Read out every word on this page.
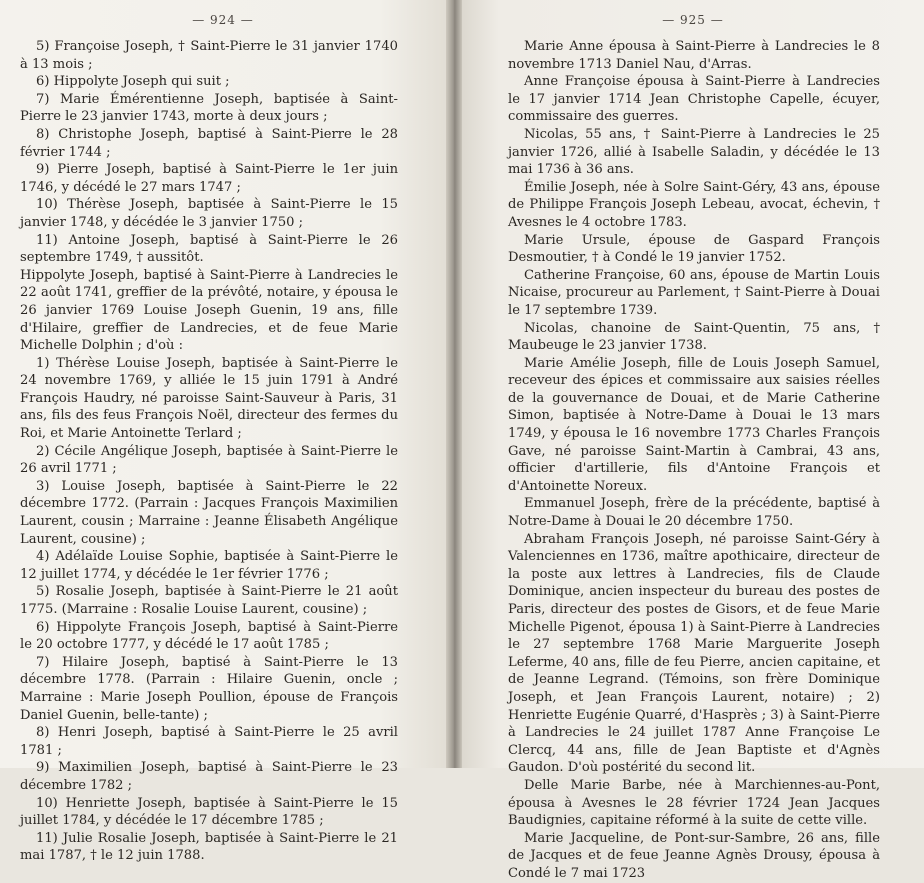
— 924 —

5) Françoise Joseph, † Saint-Pierre le 31 janvier 1740 à 13 mois ;

6) Hippolyte Joseph qui suit ;

7) Marie Émérentienne Joseph, baptisée à Saint-Pierre le 23 janvier 1743, morte à deux jours ;

8) Christophe Joseph, baptisé à Saint-Pierre le 28 février 1744 ;

9) Pierre Joseph, baptisé à Saint-Pierre le 1er juin 1746, y décédé le 27 mars 1747 ;

10) Thérèse Joseph, baptisée à Saint-Pierre le 15 janvier 1748, y décédée le 3 janvier 1750 ;

11) Antoine Joseph, baptisé à Saint-Pierre le 26 septembre 1749, † aussitôt.

Hippolyte Joseph, baptisé à Saint-Pierre à Landrecies le 22 août 1741, greffier de la prévôté, notaire, y épousa le 26 janvier 1769 Louise Joseph Guenin, 19 ans, fille d'Hilaire, greffier de Landrecies, et de feue Marie Michelle Dolphin ; d'où :

1) Thérèse Louise Joseph, baptisée à Saint-Pierre le 24 novembre 1769, y alliée le 15 juin 1791 à André François Haudry, né paroisse Saint-Sauveur à Paris, 31 ans, fils des feus François Noël, directeur des fermes du Roi, et Marie Antoinette Terlard ;

2) Cécile Angélique Joseph, baptisée à Saint-Pierre le 26 avril 1771 ;

3) Louise Joseph, baptisée à Saint-Pierre le 22 décembre 1772. (Parrain : Jacques François Maximilien Laurent, cousin ; Marraine : Jeanne Élisabeth Angélique Laurent, cousine) ;

4) Adélaïde Louise Sophie, baptisée à Saint-Pierre le 12 juillet 1774, y décédée le 1er février 1776 ;

5) Rosalie Joseph, baptisée à Saint-Pierre le 21 août 1775. (Marraine : Rosalie Louise Laurent, cousine) ;

6) Hippolyte François Joseph, baptisé à Saint-Pierre le 20 octobre 1777, y décédé le 17 août 1785 ;

7) Hilaire Joseph, baptisé à Saint-Pierre le 13 décembre 1778. (Parrain : Hilaire Guenin, oncle ; Marraine : Marie Joseph Poullion, épouse de François Daniel Guenin, belle-tante) ;

8) Henri Joseph, baptisé à Saint-Pierre le 25 avril 1781 ;

9) Maximilien Joseph, baptisé à Saint-Pierre le 23 décembre 1782 ;

10) Henriette Joseph, baptisée à Saint-Pierre le 15 juillet 1784, y décédée le 17 décembre 1785 ;

11) Julie Rosalie Joseph, baptisée à Saint-Pierre le 21 mai 1787, † le 12 juin 1788.

— 925 —

Marie Anne épousa à Saint-Pierre à Landrecies le 8 novembre 1713 Daniel Nau, d'Arras.

Anne Françoise épousa à Saint-Pierre à Landrecies le 17 janvier 1714 Jean Christophe Capelle, écuyer, commissaire des guerres.

Nicolas, 55 ans, † Saint-Pierre à Landrecies le 25 janvier 1726, allié à Isabelle Saladin, y décédée le 13 mai 1736 à 36 ans.

Émilie Joseph, née à Solre Saint-Géry, 43 ans, épouse de Philippe François Joseph Lebeau, avocat, échevin, † Avesnes le 4 octobre 1783.

Marie Ursule, épouse de Gaspard François Desmoutier, † à Condé le 19 janvier 1752.

Catherine Françoise, 60 ans, épouse de Martin Louis Nicaise, procureur au Parlement, † Saint-Pierre à Douai le 17 septembre 1739.

Nicolas, chanoine de Saint-Quentin, 75 ans, † Maubeuge le 23 janvier 1738.

Marie Amélie Joseph, fille de Louis Joseph Samuel, receveur des épices et commissaire aux saisies réelles de la gouvernance de Douai, et de Marie Catherine Simon, baptisée à Notre-Dame à Douai le 13 mars 1749, y épousa le 16 novembre 1773 Charles François Gave, né paroisse Saint-Martin à Cambrai, 43 ans, officier d'artillerie, fils d'Antoine François et d'Antoinette Noreux.

Emmanuel Joseph, frère de la précédente, baptisé à Notre-Dame à Douai le 20 décembre 1750.

Abraham François Joseph, né paroisse Saint-Géry à Valenciennes en 1736, maître apothicaire, directeur de la poste aux lettres à Landrecies, fils de Claude Dominique, ancien inspecteur du bureau des postes de Paris, directeur des postes de Gisors, et de feue Marie Michelle Pigenot, épousa 1) à Saint-Pierre à Landrecies le 27 septembre 1768 Marie Marguerite Joseph Leferme, 40 ans, fille de feu Pierre, ancien capitaine, et de Jeanne Legrand. (Témoins, son frère Dominique Joseph, et Jean François Laurent, notaire) ; 2) Henriette Eugénie Quarré, d'Hasprès ; 3) à Saint-Pierre à Landrecies le 24 juillet 1787 Anne Françoise Le Clercq, 44 ans, fille de Jean Baptiste et d'Agnès Gaudon. D'où postérité du second lit.

Delle Marie Barbe, née à Marchiennes-au-Pont, épousa à Avesnes le 28 février 1724 Jean Jacques Baudignies, capitaine réformé à la suite de cette ville.

Marie Jacqueline, de Pont-sur-Sambre, 26 ans, fille de Jacques et de feue Jeanne Agnès Drousy, épousa à Condé le 7 mai 1723
